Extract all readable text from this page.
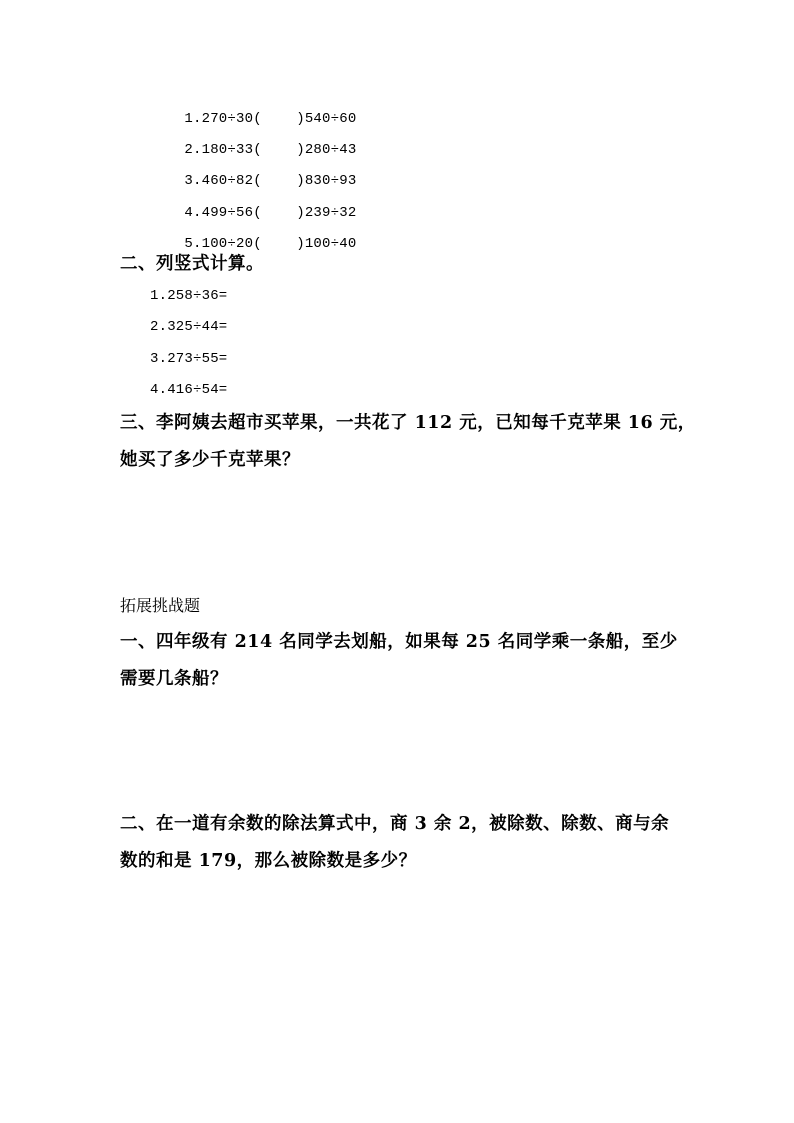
1.270÷30(    )540÷60

2.180÷33(    )280÷43

3.460÷82(    )830÷93

4.499÷56(    )239÷32

5.100÷20(    )100÷40

二、列竖式计算。
1.258÷36=
2.325÷44=
3.273÷55=
4.416÷54=
三、李阿姨去超市买苹果，一共花了 112 元，已知每千克苹果 16 元，
她买了多少千克苹果？
拓展挑战题
一、四年级有 214 名同学去划船，如果每 25 名同学乘一条船，至少
需要几条船？
二、在一道有余数的除法算式中，商 3 余 2，被除数、除数、商与余
数的和是 179，那么被除数是多少？
